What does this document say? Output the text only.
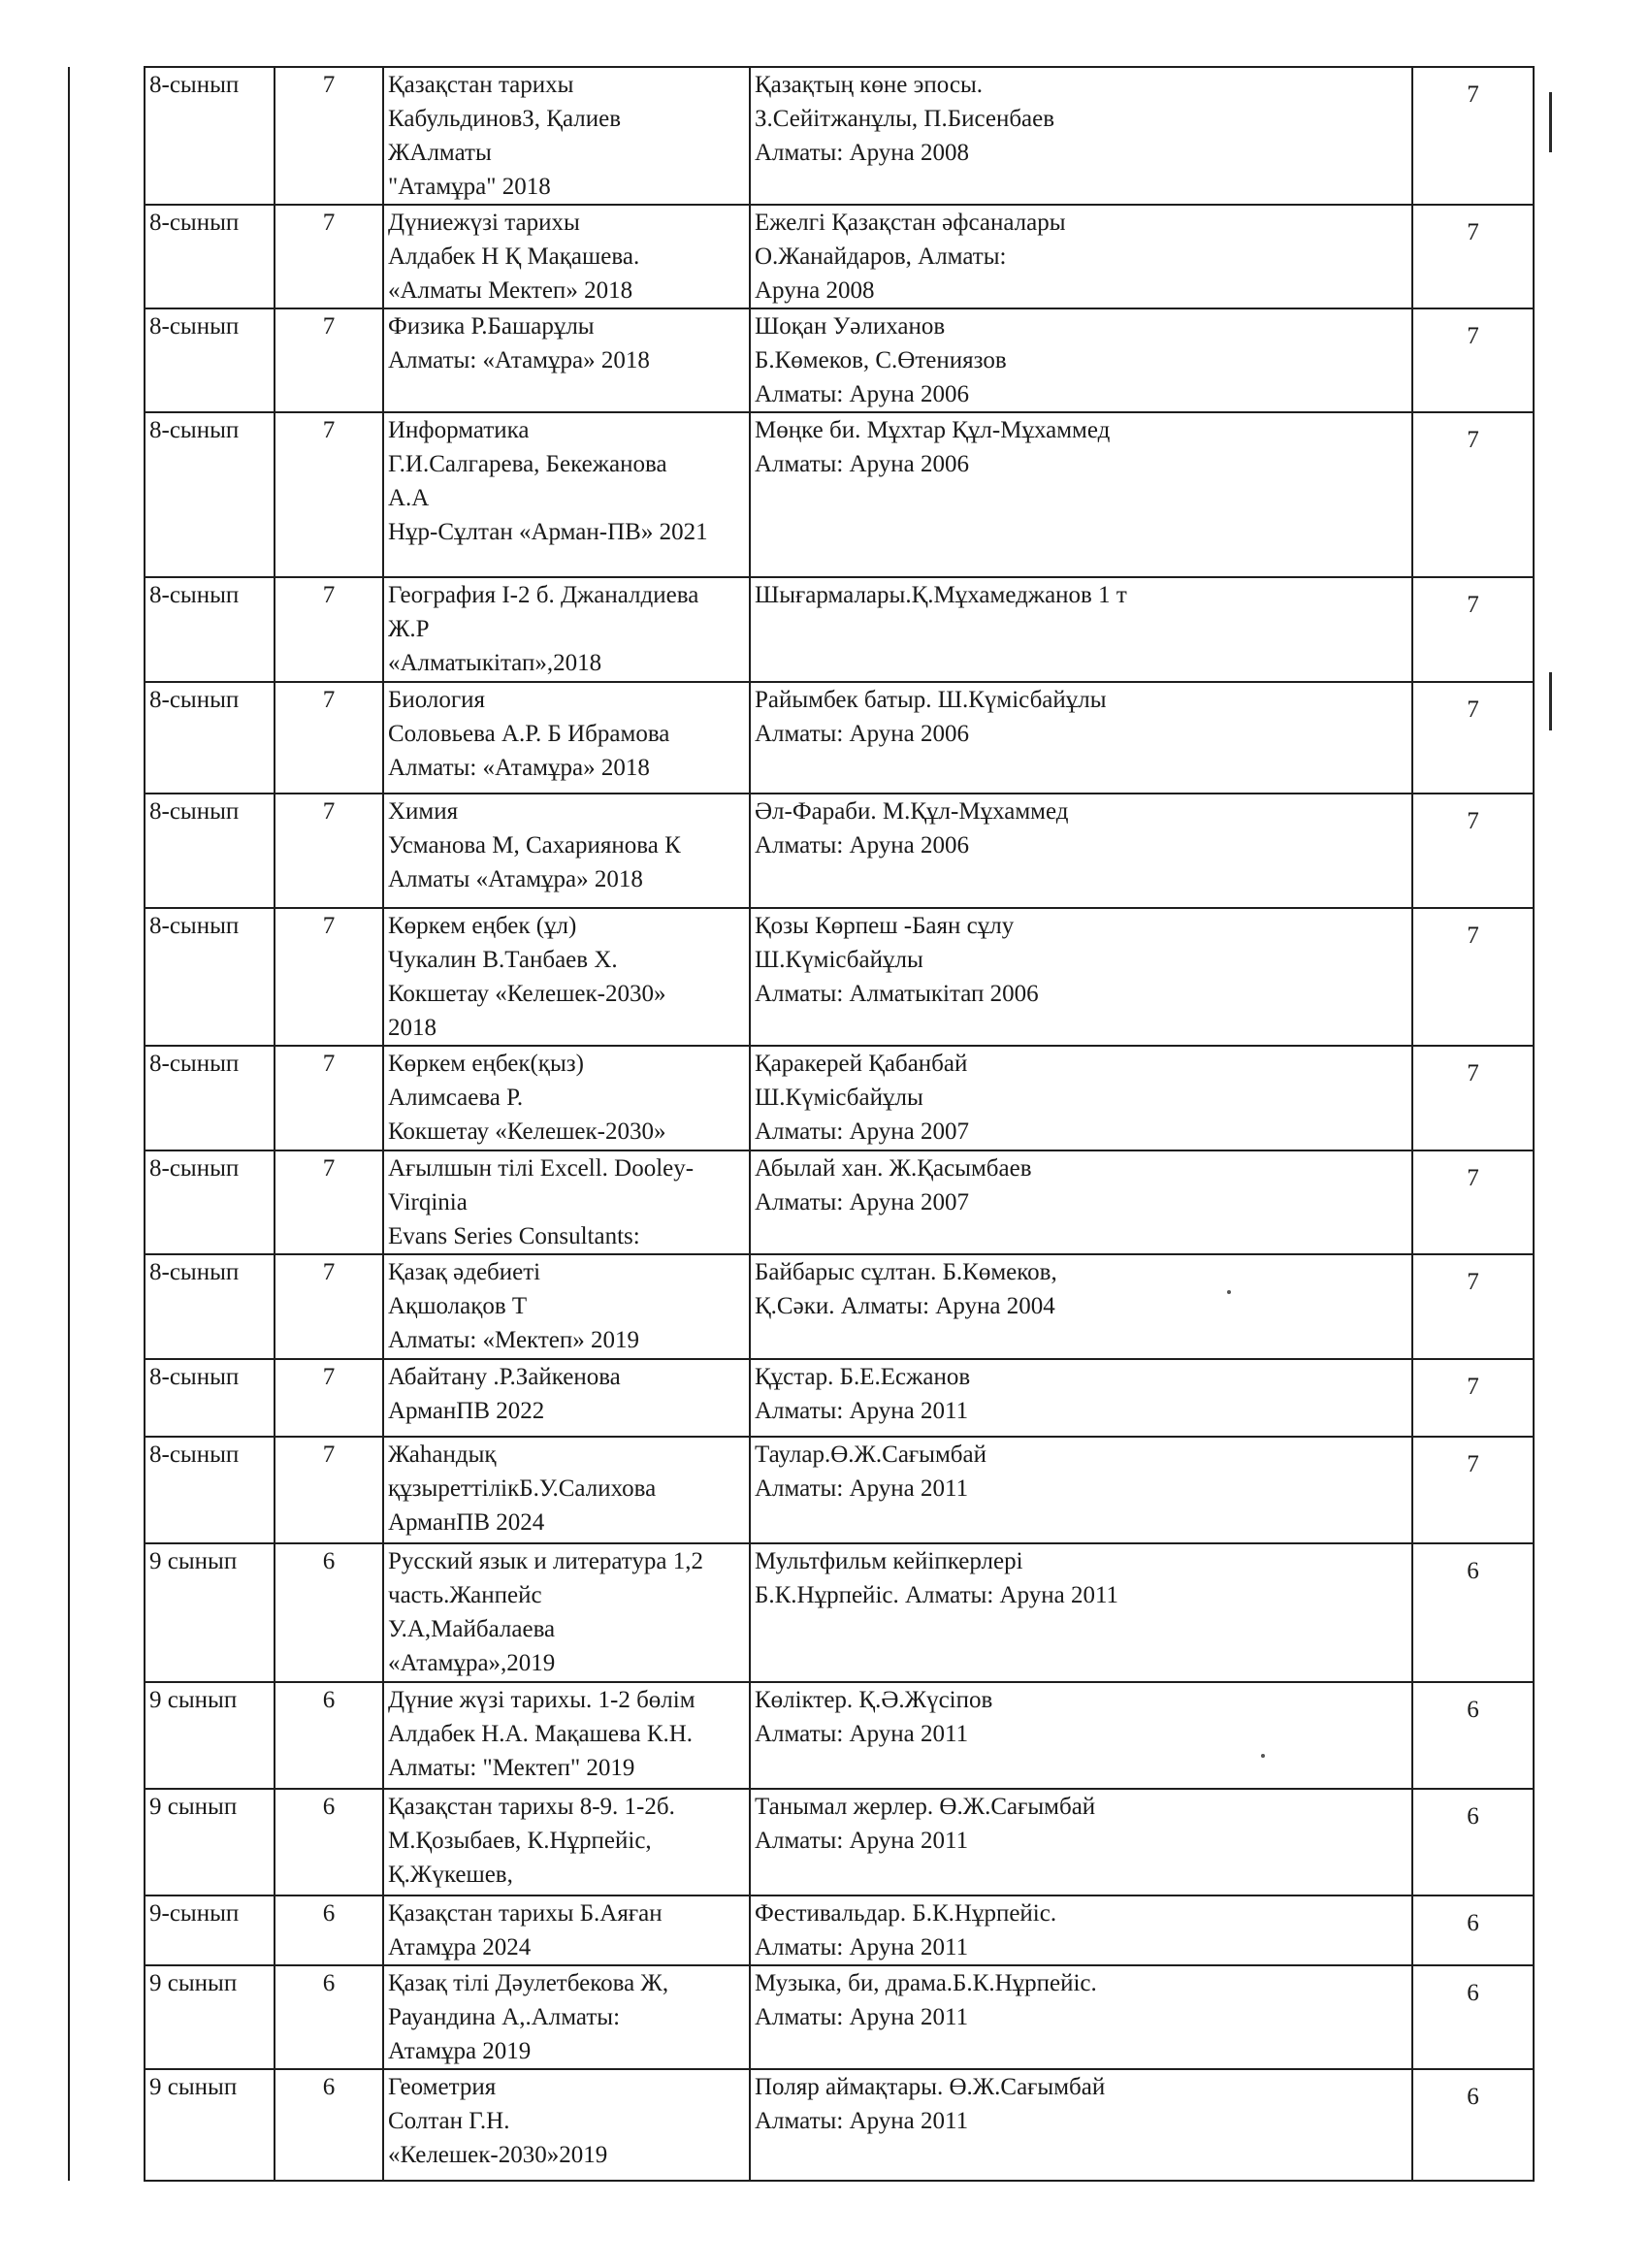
	8-сынып	7	Қазақстан тарихы
КабульдиновЗ, Қалиев
ЖАлматы
"Атамұра" 2018	Қазақтың көне эпосы.
З.Сейітжанұлы, П.Бисенбаев
Алматы: Аруна 2008	7
	8-сынып	7	Дүниежүзі тарихы
Алдабек Н Қ Мақашева.
«Алматы Мектеп» 2018	Ежелгі Қазақстан әфсаналары
О.Жанайдаров, Алматы:
Аруна 2008	7
	8-сынып	7	Физика Р.Башарұлы
Алматы: «Атамұра» 2018	Шоқан Уәлиханов
Б.Көмеков, С.Өтениязов
Алматы: Аруна 2006	7
	8-сынып	7	Информатика
Г.И.Салгарева, Бекежанова
А.А
Нұр-Сұлтан «Арман-ПВ» 2021	Мөңке би. Мұхтар Құл-Мұхаммед
Алматы: Аруна 2006	7
	8-сынып	7	География І-2 б. Джаналдиева
Ж.Р
«Алматыкітап»,2018	Шығармалары.Қ.Мұхамеджанов 1 т	7
	8-сынып	7	Биология
Соловьева А.Р. Б Ибрамова
Алматы: «Атамұра» 2018	Райымбек батыр. Ш.Күмісбайұлы
Алматы: Аруна 2006	7
	8-сынып	7	Химия
Усманова М, Сахариянова К
Алматы «Атамұра» 2018	Әл-Фараби. М.Құл-Мұхаммед
Алматы: Аруна 2006	7
	8-сынып	7	Көркем еңбек (ұл)
Чукалин В.Танбаев Х.
Кокшетау «Келешек-2030»
2018	Қозы Көрпеш -Баян сұлу
Ш.Күмісбайұлы
Алматы: Алматыкітап 2006	7
	8-сынып	7	Көркем еңбек(қыз)
Алимсаева Р.
Кокшетау «Келешек-2030»	Қаракерей Қабанбай
Ш.Күмісбайұлы
Алматы: Аруна 2007	7
	8-сынып	7	Ағылшын тілі Excell. Dooley-
Virqinia
Evans Series Consultants:	Абылай хан. Ж.Қасымбаев
Алматы: Аруна 2007	7
	8-сынып	7	Қазақ әдебиеті
Ақшолақов Т
Алматы: «Мектеп» 2019	Байбарыс сұлтан. Б.Көмеков,
Қ.Сәки. Алматы: Аруна 2004	7
	8-сынып	7	Абайтану .Р.Зайкенова
АрманПВ 2022	Құстар. Б.Е.Есжанов
Алматы: Аруна 2011	7
	8-сынып	7	Жаһандық
құзыреттілікБ.У.Салихова
АрманПВ 2024	Таулар.Ө.Ж.Сағымбай
Алматы: Аруна 2011	7
	9 сынып	6	Русский язык и литература 1,2
часть.Жанпейс
У.А,Майбалаева
«Атамұра»,2019	Мультфильм кейіпкерлері
Б.К.Нұрпейіс. Алматы: Аруна 2011	6
	9 сынып	6	Дүние жүзі тарихы. 1-2 бөлім
Алдабек Н.А. Мақашева К.Н.
Алматы: "Мектеп" 2019	Көліктер. Қ.Ә.Жүсіпов
Алматы: Аруна 2011	6
	9 сынып	6	Қазақстан тарихы 8-9. 1-2б.
М.Қозыбаев, К.Нұрпейіс,
Қ.Жүкешев,	Танымал жерлер. Ө.Ж.Сағымбай
Алматы: Аруна 2011	6
	9-сынып	6	Қазақстан тарихы Б.Аяған
Атамұра 2024	Фестивальдар. Б.К.Нұрпейіс.
Алматы: Аруна 2011	6
	9 сынып	6	Қазақ тілі Дәулетбекова Ж,
Рауандина А,.Алматы:
Атамұра 2019	Музыка, би, драма.Б.К.Нұрпейіс.
Алматы: Аруна 2011	6
	9 сынып	6	Геометрия
Солтан Г.Н.
«Келешек-2030»2019	Поляр аймақтары. Ө.Ж.Сағымбай
Алматы: Аруна 2011	6
